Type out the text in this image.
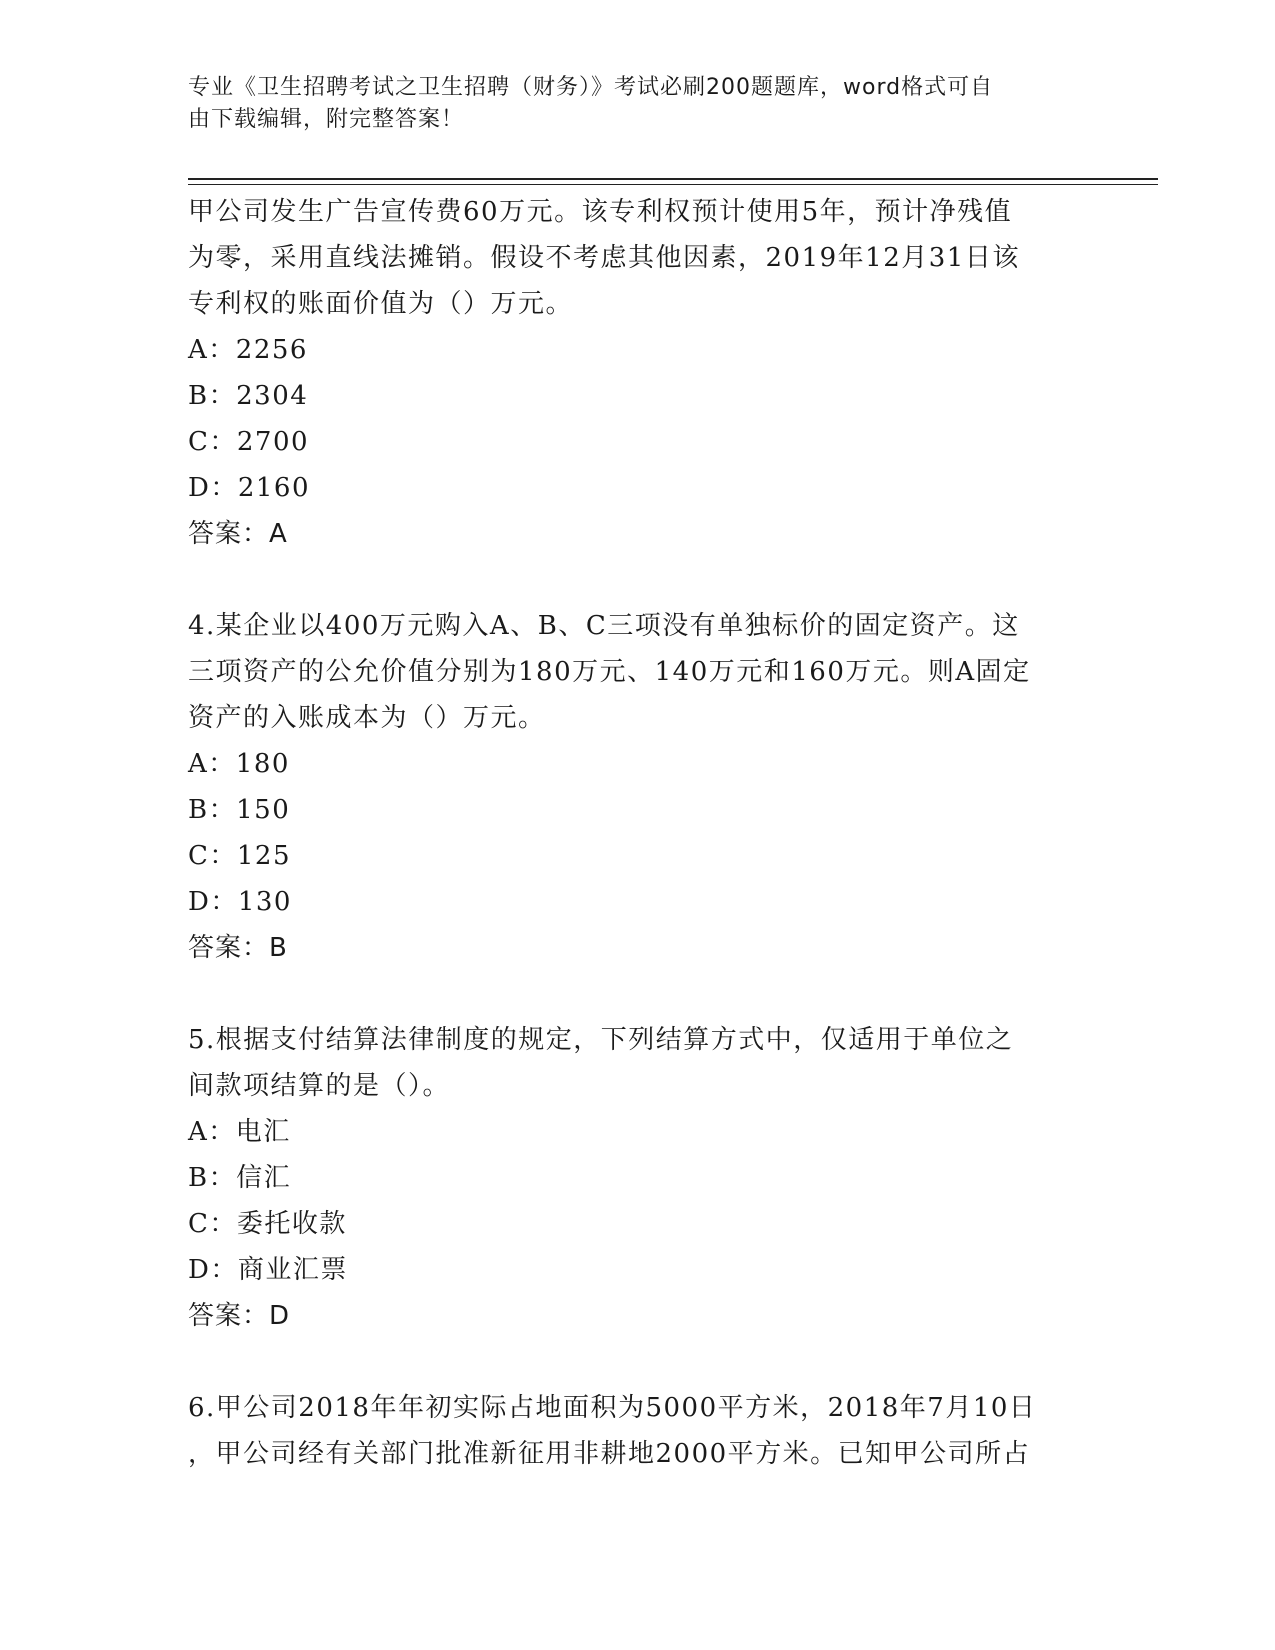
专业《卫生招聘考试之卫生招聘（财务）》考试必刷200题题库，word格式可自
由下载编辑，附完整答案！
甲公司发生广告宣传费60万元。该专利权预计使用5年，预计净残值
为零，采用直线法摊销。假设不考虑其他因素，2019年12月31日该
专利权的账面价值为（）万元。
A：2256
B：2304
C：2700
D：2160
答案：A
4.某企业以400万元购入A、B、C三项没有单独标价的固定资产。这
三项资产的公允价值分别为180万元、140万元和160万元。则A固定
资产的入账成本为（）万元。
A：180
B：150
C：125
D：130
答案：B
5.根据支付结算法律制度的规定，下列结算方式中，仅适用于单位之
间款项结算的是（）。
A：电汇
B：信汇
C：委托收款
D：商业汇票
答案：D
6.甲公司2018年年初实际占地面积为5000平方米，2018年7月10日
，甲公司经有关部门批准新征用非耕地2000平方米。已知甲公司所占
